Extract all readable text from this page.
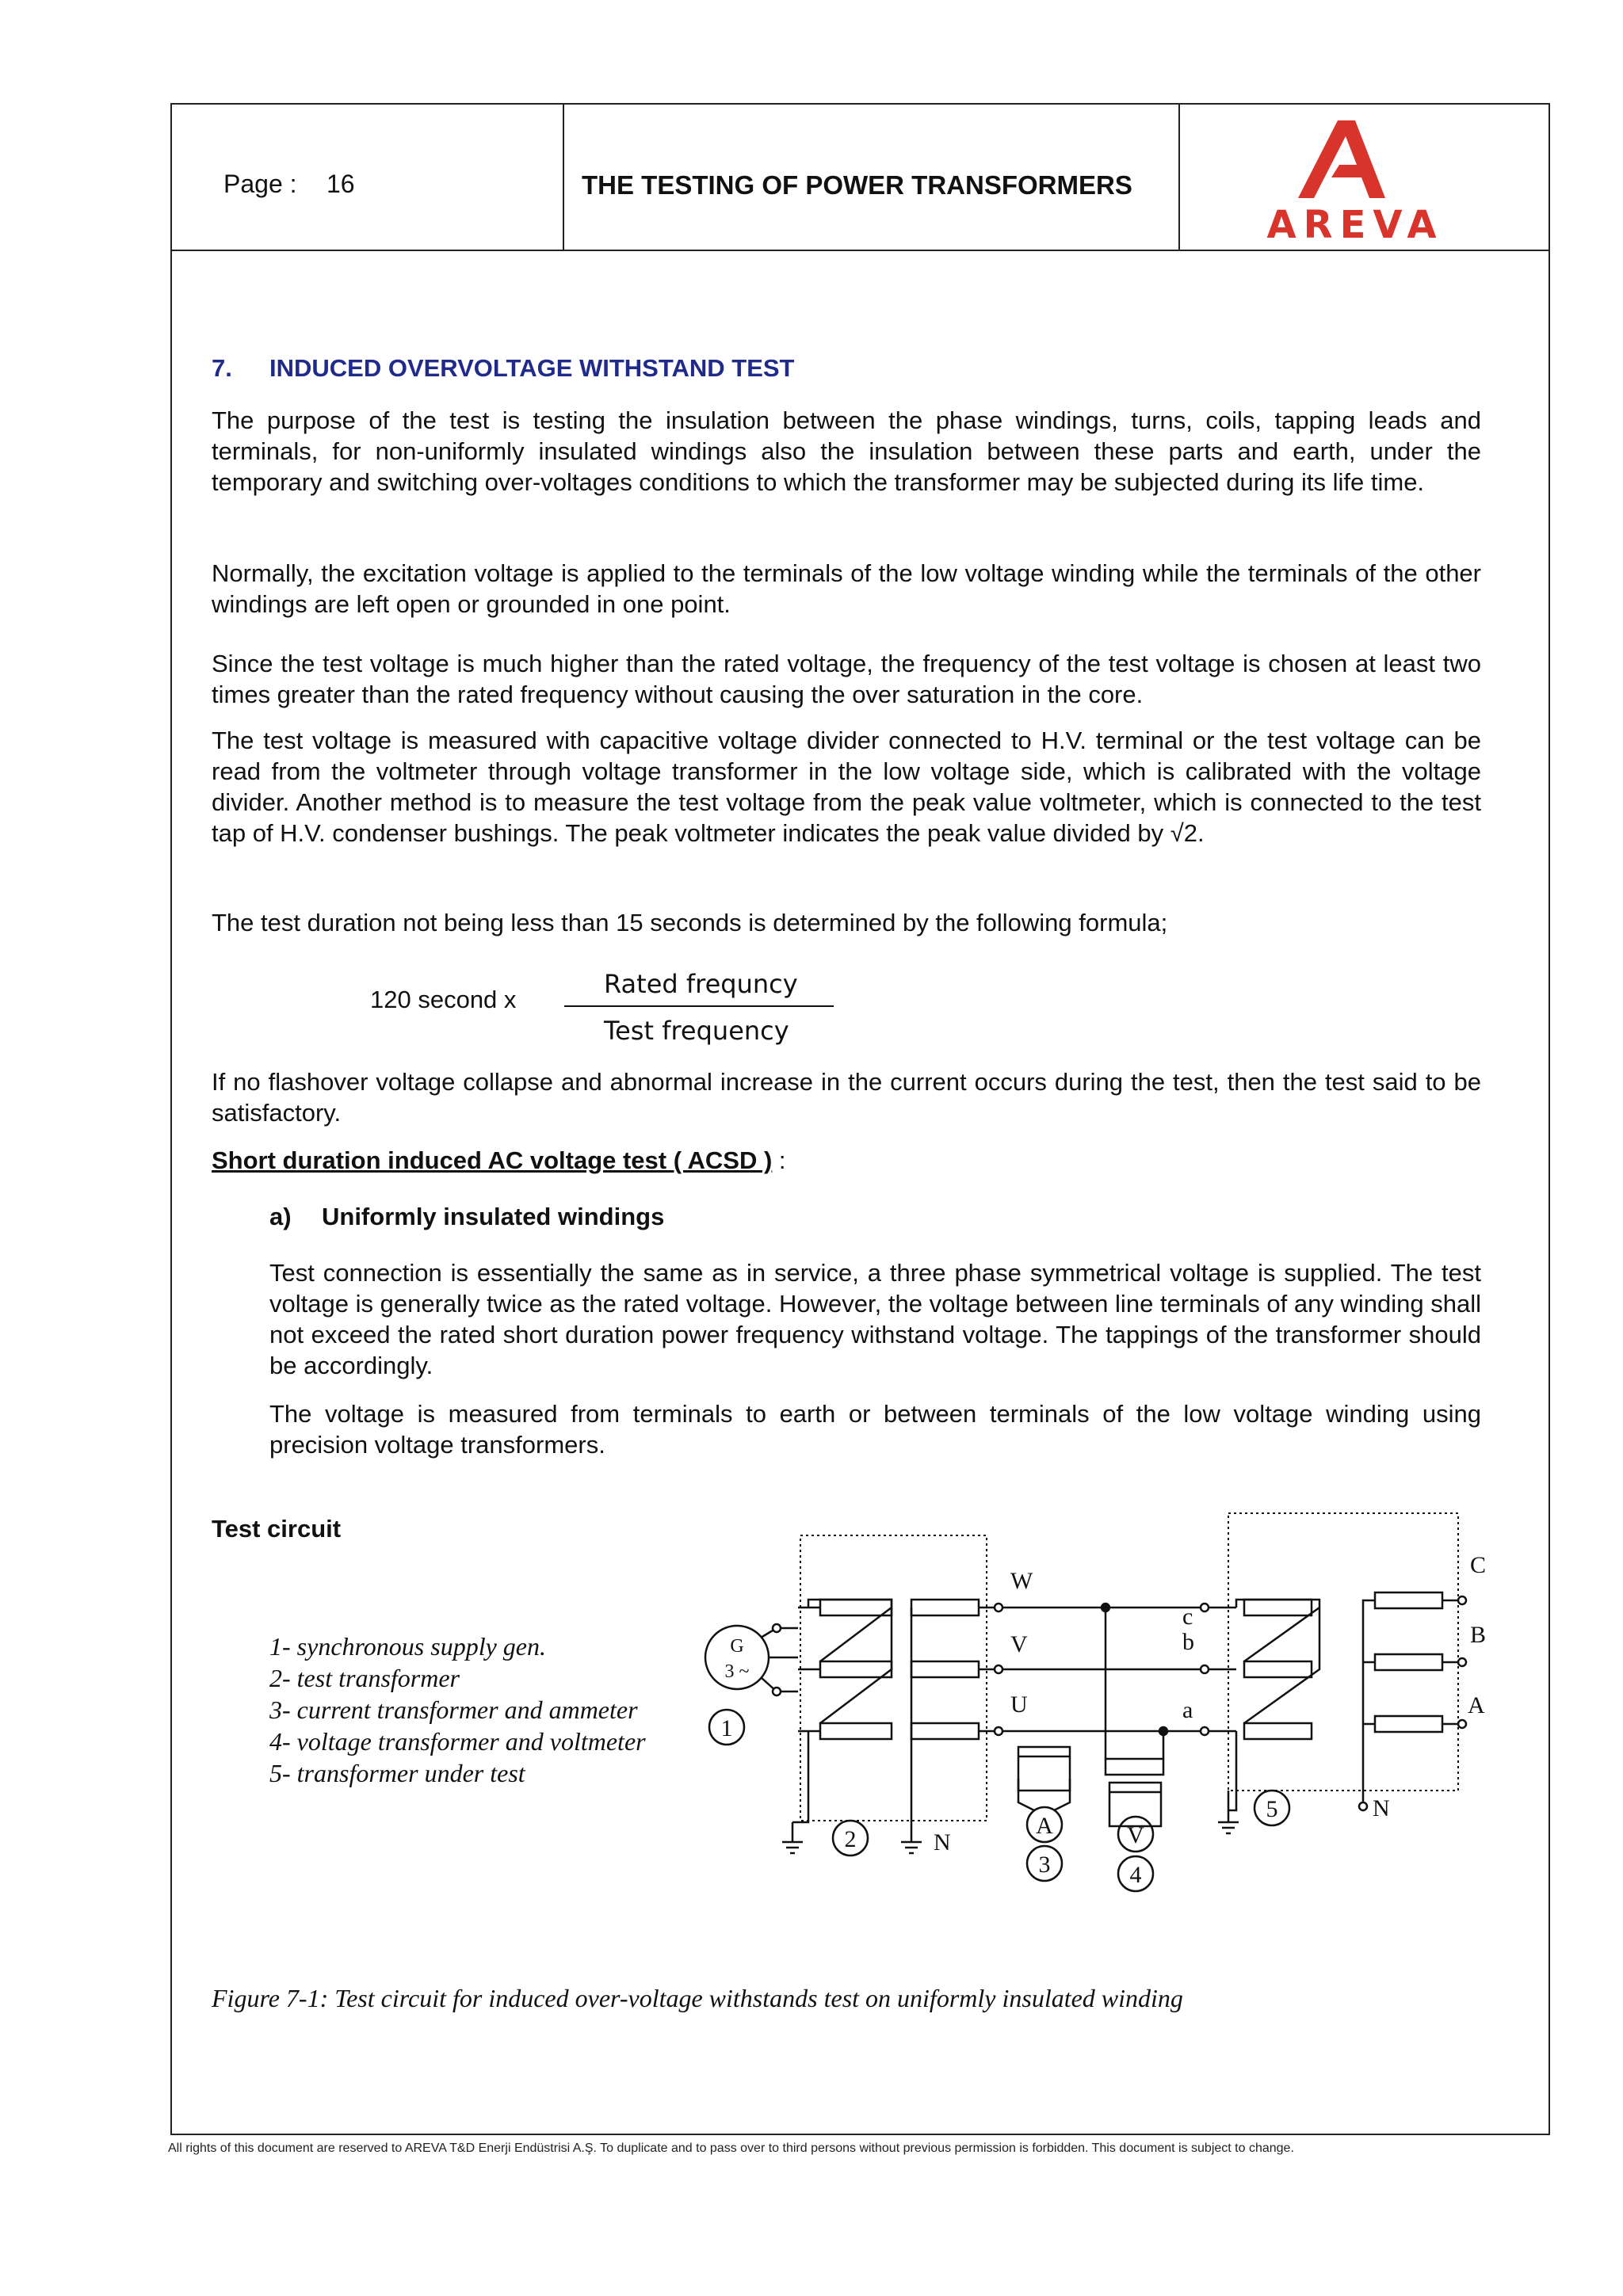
Page : 16	THE TESTING OF POWER TRANSFORMERS
AREVA
7. INDUCED OVERVOLTAGE WITHSTAND TEST

The purpose of the test is testing the insulation between the phase windings, turns, coils, tapping leads and terminals, for non-uniformly insulated windings also the insulation between these parts and earth, under the temporary and switching over-voltages conditions to which the transformer may be subjected during its life time.

Normally, the excitation voltage is applied to the terminals of the low voltage winding while the terminals of the other windings are left open or grounded in one point.

Since the test voltage is much higher than the rated voltage, the frequency of the test voltage is chosen at least two times greater than the rated frequency without causing the over saturation in the core.

The test voltage is measured with capacitive voltage divider connected to H.V. terminal or the test voltage can be read from the voltmeter through voltage transformer in the low voltage side, which is calibrated with the voltage divider. Another method is to measure the test voltage from the peak value voltmeter, which is connected to the test tap of H.V. condenser bushings. The peak voltmeter indicates the peak value divided by √2.

The test duration not being less than 15 seconds is determined by the following formula;

120 second x
Rated frequncy
Test frequency

If no flashover voltage collapse and abnormal increase in the current occurs during the test, then the test said to be satisfactory.

Short duration induced AC voltage test ( ACSD ) :
a) Uniformly insulated windings

Test connection is essentially the same as in service, a three phase symmetrical voltage is supplied. The test voltage is generally twice as the rated voltage. However, the voltage between line terminals of any winding shall not exceed the rated short duration power frequency withstand voltage. The tappings of the transformer should be accordingly.

The voltage is measured from terminals to earth or between terminals of the low voltage winding using precision voltage transformers.

Test circuit
1- synchronous supply gen.
2- test transformer
3- current transformer and ammeter
4- voltage transformer and voltmeter
5- transformer under test
G
3 ~
1
2
3	4
5
A	V
W
V
U
c
b
a
C
B
A
N
N
Figure 7-1: Test circuit for induced over-voltage withstands test on uniformly insulated winding
All rights of this document are reserved to AREVA T&D Enerji Endüstrisi A.Ş. To duplicate and to pass over to third persons without previous permission is forbidden. This document is subject to change.
